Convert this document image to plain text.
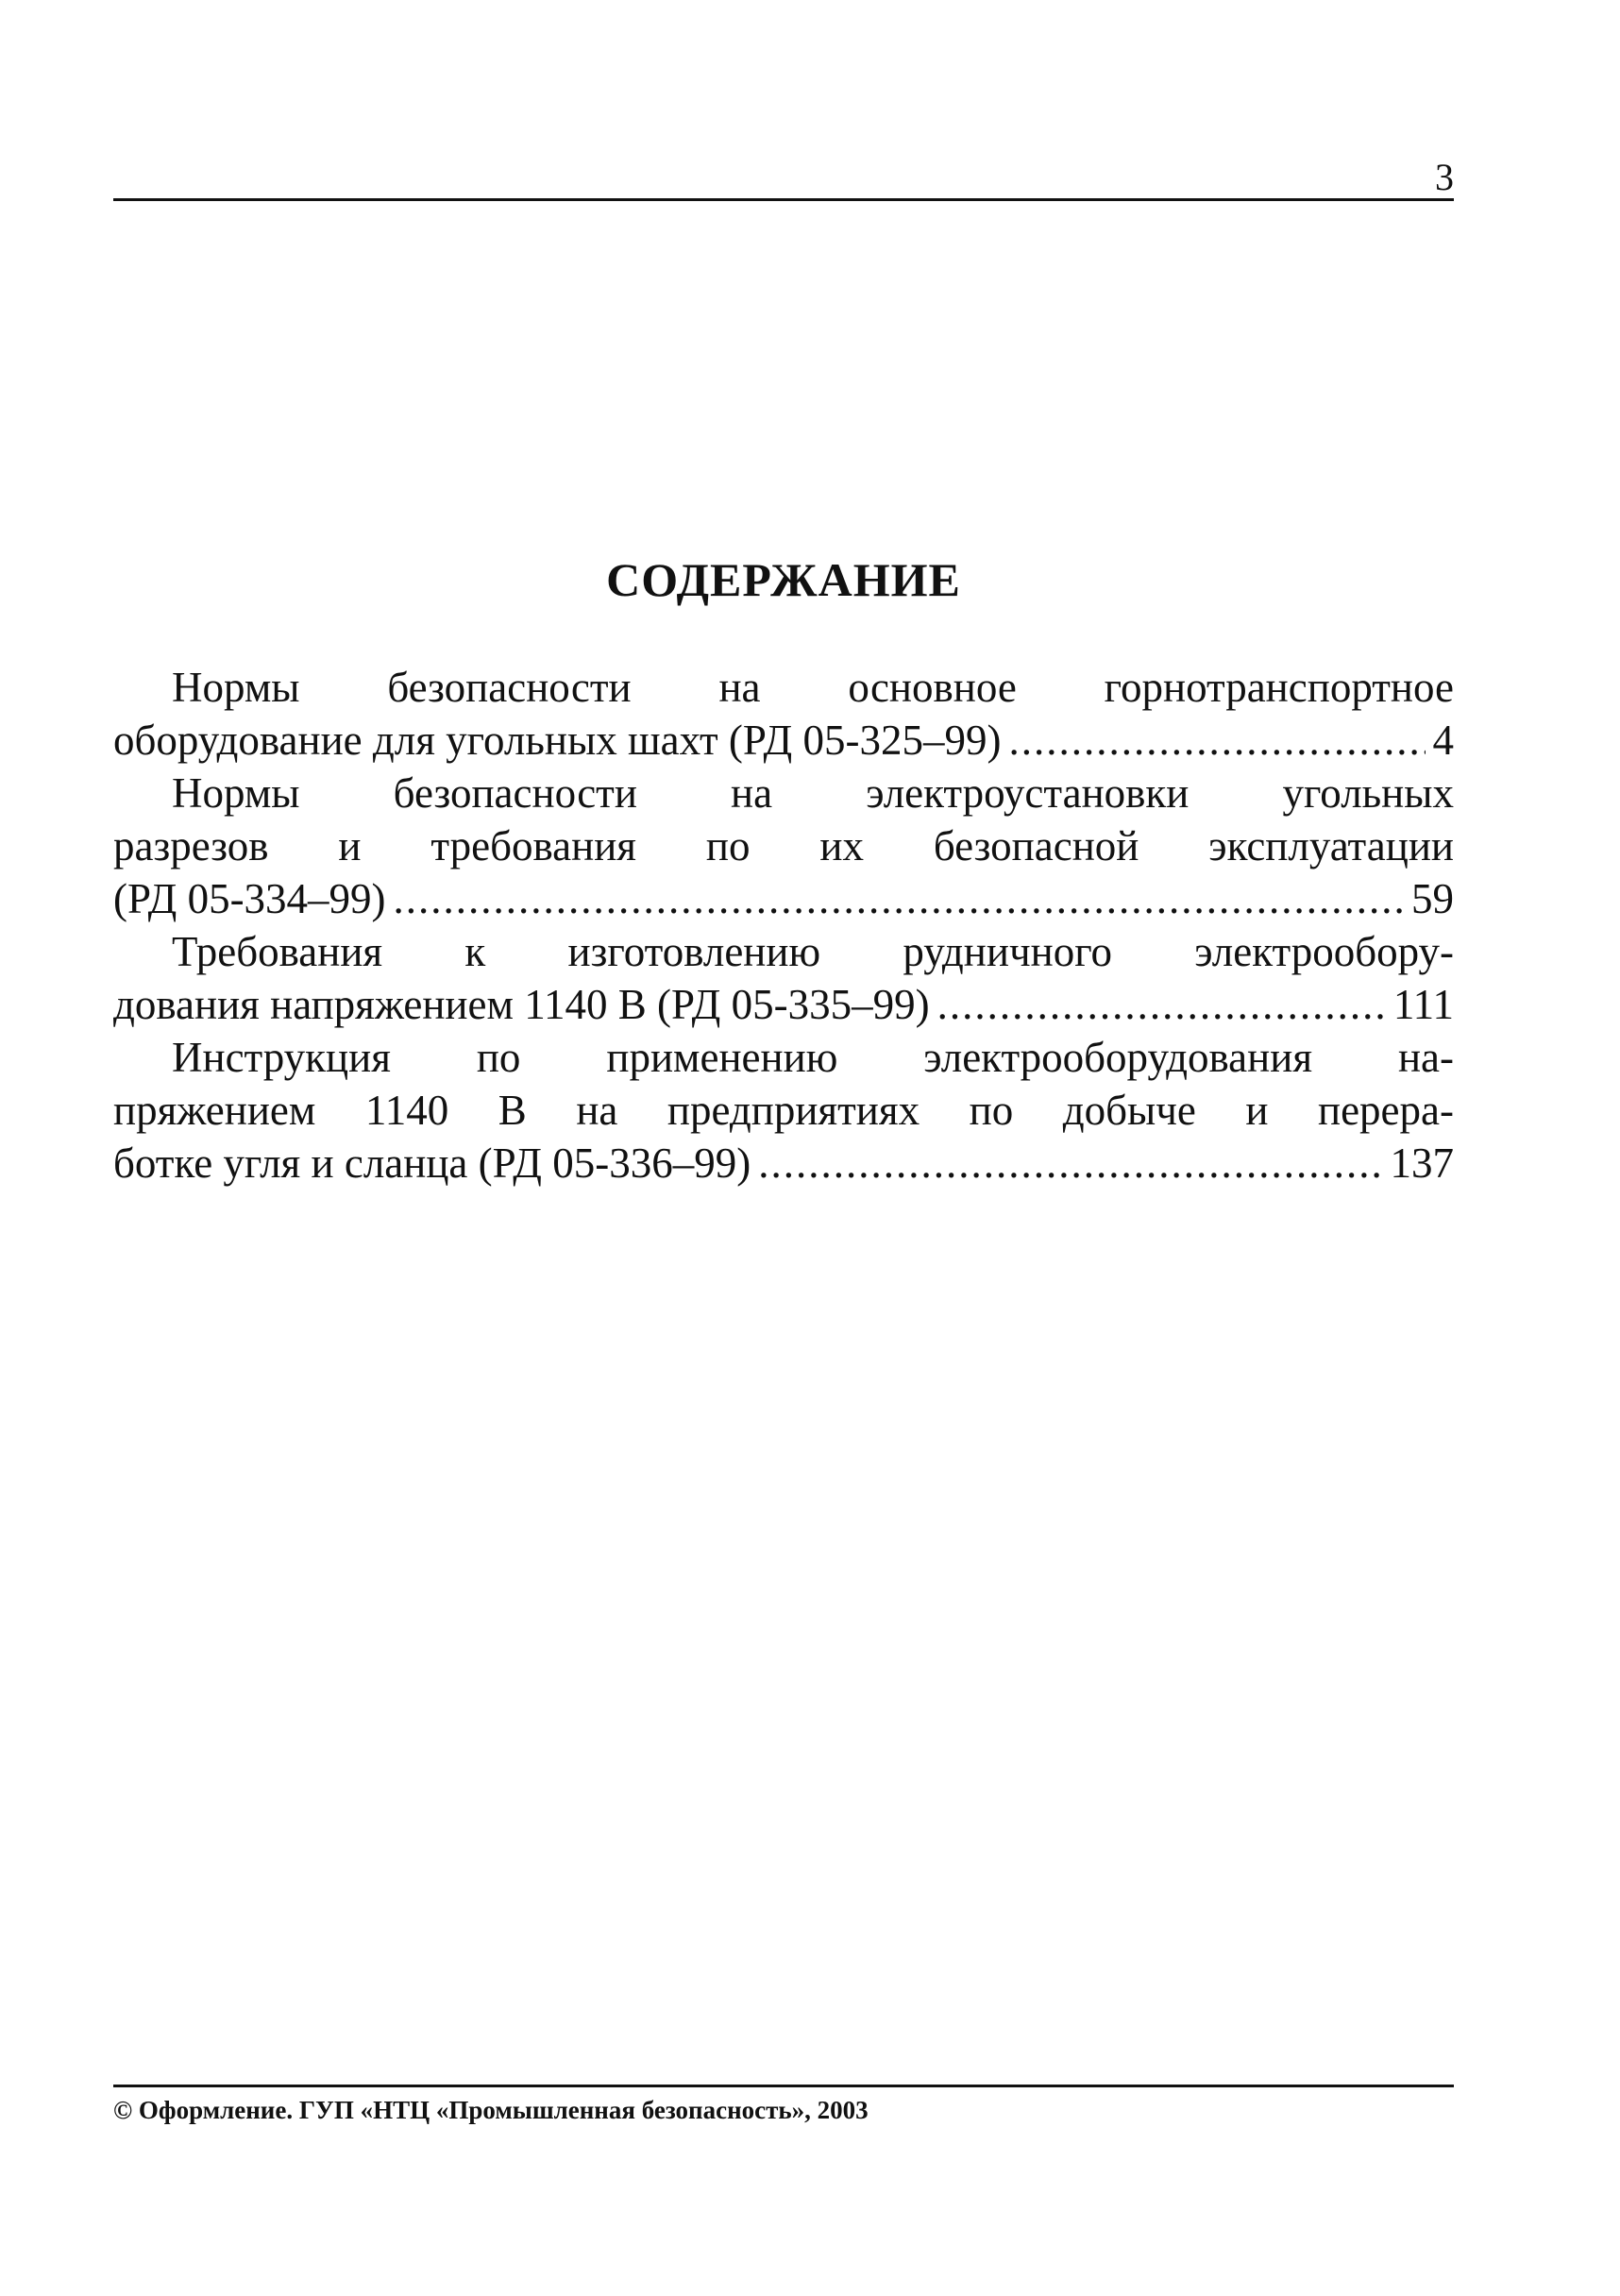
3
СОДЕРЖАНИЕ
Нормы безопасности на основное горнотранспортное
оборудование для угольных шахт (РД 05-325–99) .....	4
Нормы безопасности на электроустановки угольных
разрезов и требования по их безопасной эксплуатации
(РД 05-334–99) .....	59
Требования к изготовлению рудничного электрообору-
дования напряжением 1140 В (РД 05-335–99) .....	111
Инструкция по применению электрооборудования на-
пряжением 1140 В на предприятиях по добыче и перера-
ботке угля и сланца (РД 05-336–99) .....	137
© Оформление. ГУП «НТЦ «Промышленная безопасность», 2003
